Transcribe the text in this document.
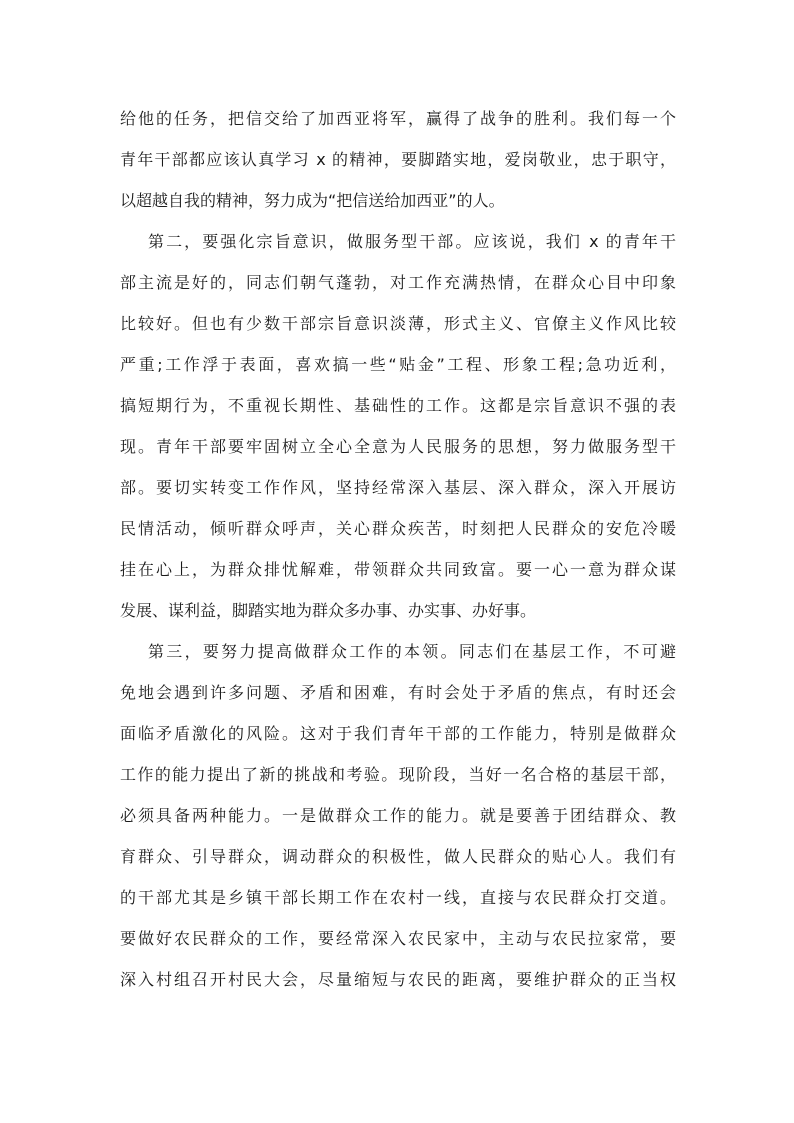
给他的任务，把信交给了加西亚将军，赢得了战争的胜利。我们每一个
青年干部都应该认真学习 x 的精神，要脚踏实地，爱岗敬业，忠于职守，
以超越自我的精神，努力成为“把信送给加西亚”的人。
第二，要强化宗旨意识，做服务型干部。应该说，我们 x 的青年干
部主流是好的，同志们朝气蓬勃，对工作充满热情，在群众心目中印象
比较好。但也有少数干部宗旨意识淡薄，形式主义、官僚主义作风比较
严重;工作浮于表面，喜欢搞一些“贴金”工程、形象工程;急功近利，
搞短期行为，不重视长期性、基础性的工作。这都是宗旨意识不强的表
现。青年干部要牢固树立全心全意为人民服务的思想，努力做服务型干
部。要切实转变工作作风，坚持经常深入基层、深入群众，深入开展访
民情活动，倾听群众呼声，关心群众疾苦，时刻把人民群众的安危冷暖
挂在心上，为群众排忧解难，带领群众共同致富。要一心一意为群众谋
发展、谋利益，脚踏实地为群众多办事、办实事、办好事。
第三，要努力提高做群众工作的本领。同志们在基层工作，不可避
免地会遇到许多问题、矛盾和困难，有时会处于矛盾的焦点，有时还会
面临矛盾激化的风险。这对于我们青年干部的工作能力，特别是做群众
工作的能力提出了新的挑战和考验。现阶段，当好一名合格的基层干部，
必须具备两种能力。一是做群众工作的能力。就是要善于团结群众、教
育群众、引导群众，调动群众的积极性，做人民群众的贴心人。我们有
的干部尤其是乡镇干部长期工作在农村一线，直接与农民群众打交道。
要做好农民群众的工作，要经常深入农民家中，主动与农民拉家常，要
深入村组召开村民大会，尽量缩短与农民的距离，要维护群众的正当权
